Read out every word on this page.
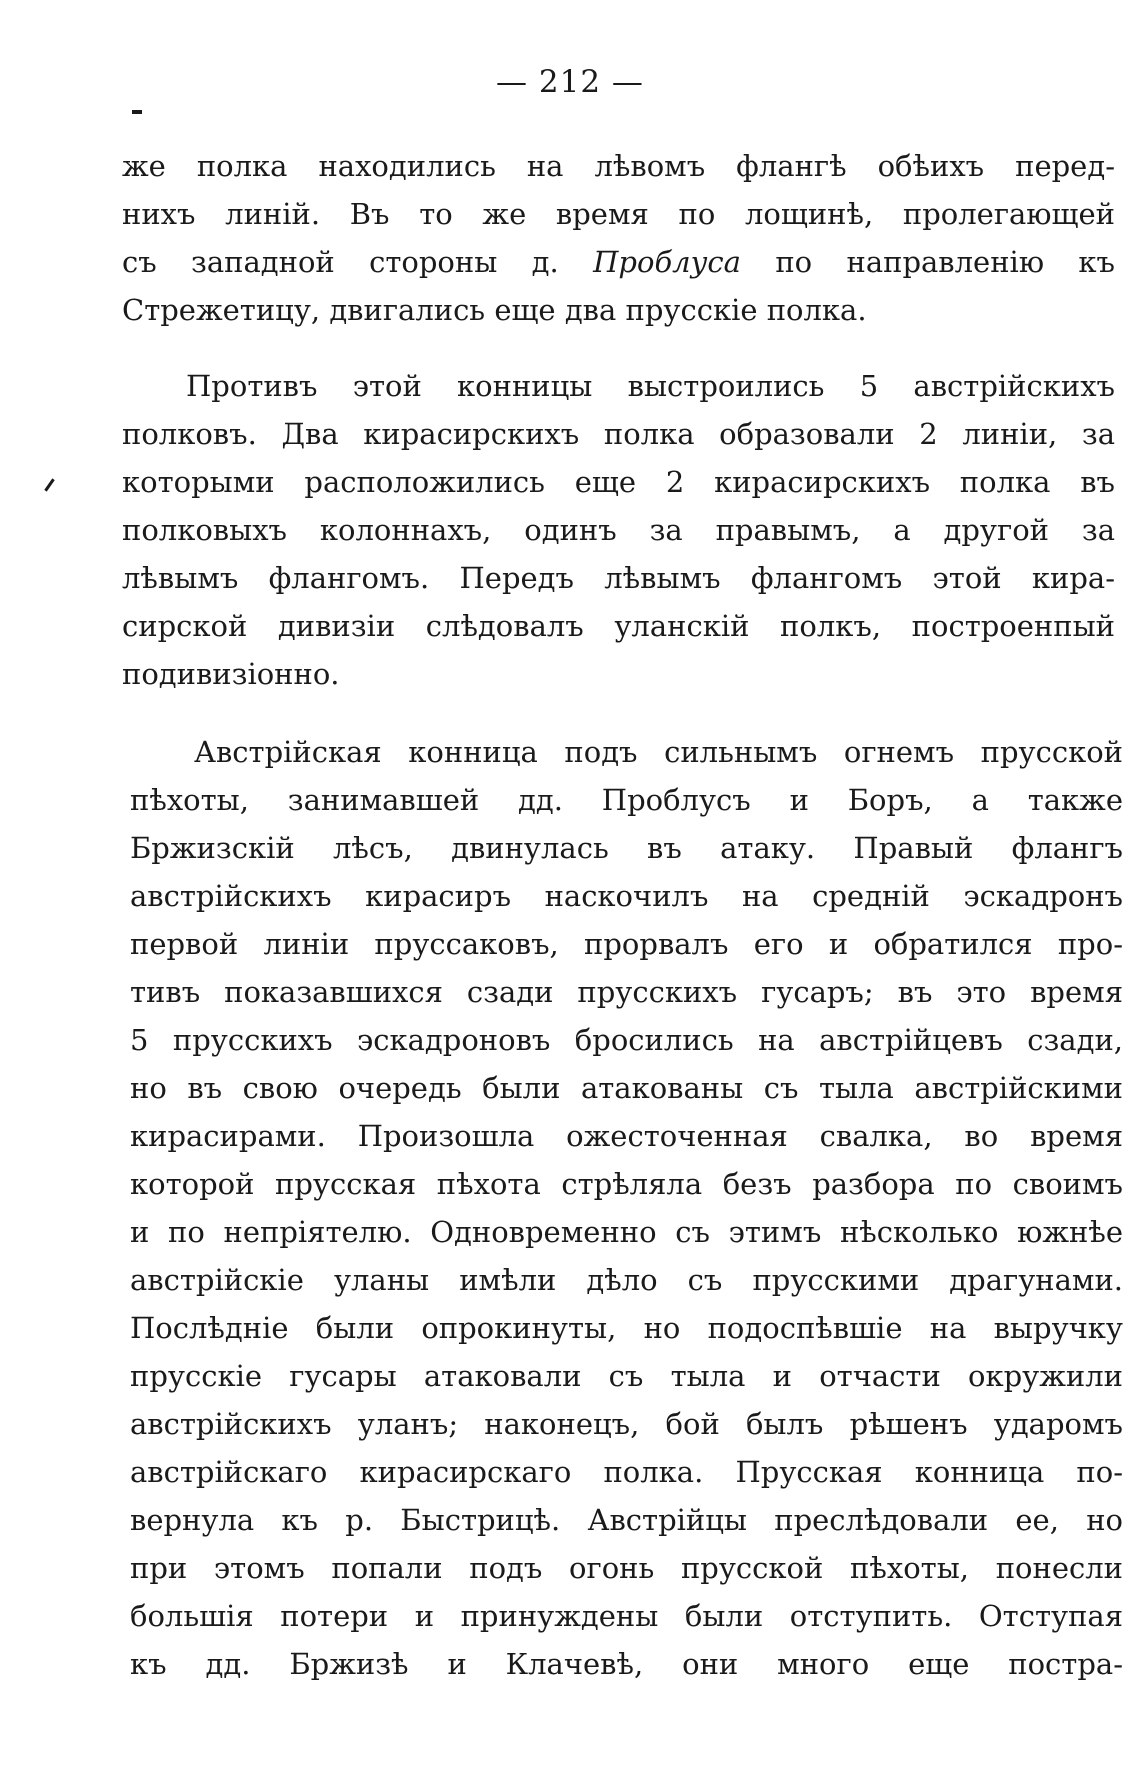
— 212 —
же полка находились на лѣвомъ флангѣ обѣихъ перед-
нихъ линiй. Въ то же время по лощинѣ, пролегающей
съ западной стороны д. Проблуса по направленiю къ
Стрежетицу, двигались еще два прусскiе полка.
Противъ этой конницы выстроились 5 австрiйскихъ
полковъ. Два кирасирскихъ полка образовали 2 линiи, за
которыми расположились еще 2 кирасирскихъ полка въ
полковыхъ колоннахъ, одинъ за правымъ, а другой за
лѣвымъ флангомъ. Передъ лѣвымъ флангомъ этой кира-
сирской дивизiи слѣдовалъ уланскiй полкъ, построенпый
подивизiонно.
Австрiйская конница подъ сильнымъ огнемъ прусской
пѣхоты, занимавшей дд. Проблусъ и Боръ, а также
Бржизскiй лѣсъ, двинулась въ атаку. Правый флангъ
австрiйскихъ кирасиръ наскочилъ на среднiй эскадронъ
первой линiи пруссаковъ, прорвалъ его и обратился про-
тивъ показавшихся сзади прусскихъ гусаръ; въ это время
5 прусскихъ эскадроновъ бросились на австрiйцевъ сзади,
но въ свою очередь были атакованы съ тыла австрiйскими
кирасирами. Произошла ожесточенная свалка, во время
которой прусская пѣхота стрѣляла безъ разбора по своимъ
и по непрiятелю. Одновременно съ этимъ нѣсколько южнѣе
австрiйскiе уланы имѣли дѣло съ прусскими драгунами.
Послѣднiе были опрокинуты, но подоспѣвшiе на выручку
прусскiе гусары атаковали съ тыла и отчасти окружили
австрiйскихъ уланъ; наконецъ, бой былъ рѣшенъ ударомъ
австрiйскаго кирасирскаго полка. Прусская конница по-
вернула къ р. Быстрицѣ. Австрiйцы преслѣдовали ее, но
при этомъ попали подъ огонь прусской пѣхоты, понесли
большiя потери и принуждены были отступить. Отступая
къ дд. Бржизѣ и Клачевѣ, они много еще постра-
